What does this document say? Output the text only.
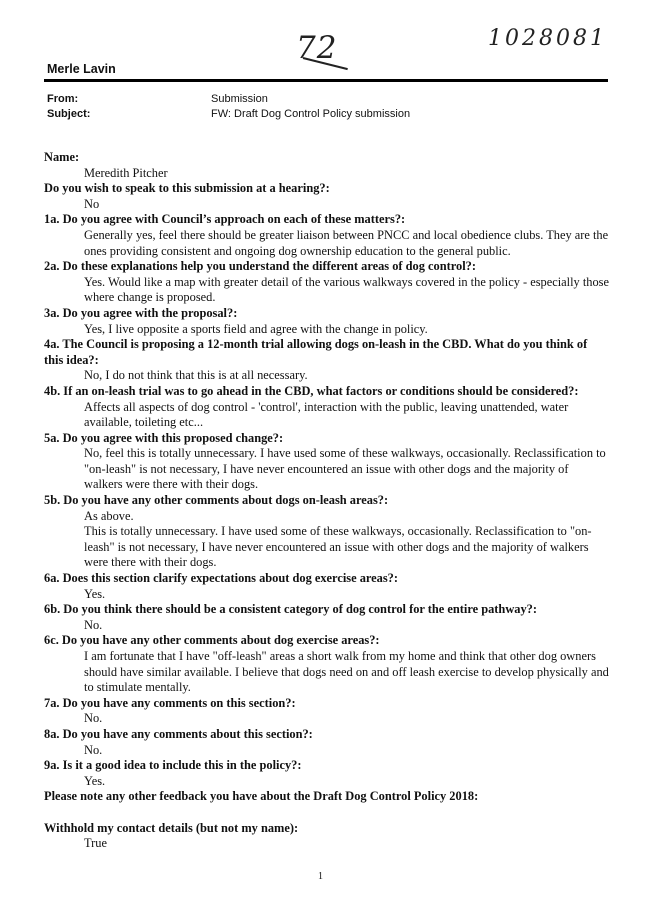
72	1028081
Merle Lavin
From:	Submission
Subject:	FW: Draft Dog Control Policy submission

Name:

Meredith Pitcher

Do you wish to speak to this submission at a hearing?:

No

1a. Do you agree with Council’s approach on each of these matters?:

Generally yes, feel there should be greater liaison between PNCC and local obedience clubs. They are the ones providing consistent and ongoing dog ownership education to the general public.

2a. Do these explanations help you understand the different areas of dog control?:

Yes. Would like a map with greater detail of the various walkways covered in the policy - especially those where change is proposed.

3a. Do you agree with the proposal?:

Yes, I live opposite a sports field and agree with the change in policy.

4a. The Council is proposing a 12-month trial allowing dogs on-leash in the CBD. What do you think of this idea?:

No, I do not think that this is at all necessary.

4b. If an on-leash trial was to go ahead in the CBD, what factors or conditions should be considered?:

Affects all aspects of dog control - 'control', interaction with the public, leaving unattended, water available, toileting etc...

5a. Do you agree with this proposed change?:

No, feel this is totally unnecessary. I have used some of these walkways, occasionally. Reclassification to "on-leash" is not necessary, I have never encountered an issue with other dogs and the majority of walkers were there with their dogs.

5b. Do you have any other comments about dogs on-leash areas?:

As above.

This is totally unnecessary. I have used some of these walkways, occasionally. Reclassification to "on-leash" is not necessary, I have never encountered an issue with other dogs and the majority of walkers were there with their dogs.

6a. Does this section clarify expectations about dog exercise areas?:

Yes.

6b. Do you think there should be a consistent category of dog control for the entire pathway?:

No.

6c. Do you have any other comments about dog exercise areas?:

I am fortunate that I have "off-leash" areas a short walk from my home and think that other dog owners should have similar available. I believe that dogs need on and off leash exercise to develop physically and to stimulate mentally.

7a. Do you have any comments on this section?:

No.

8a. Do you have any comments about this section?:

No.

9a. Is it a good idea to include this in the policy?:

Yes.

Please note any other feedback you have about the Draft Dog Control Policy 2018:

Withhold my contact details (but not my name):

True

1
